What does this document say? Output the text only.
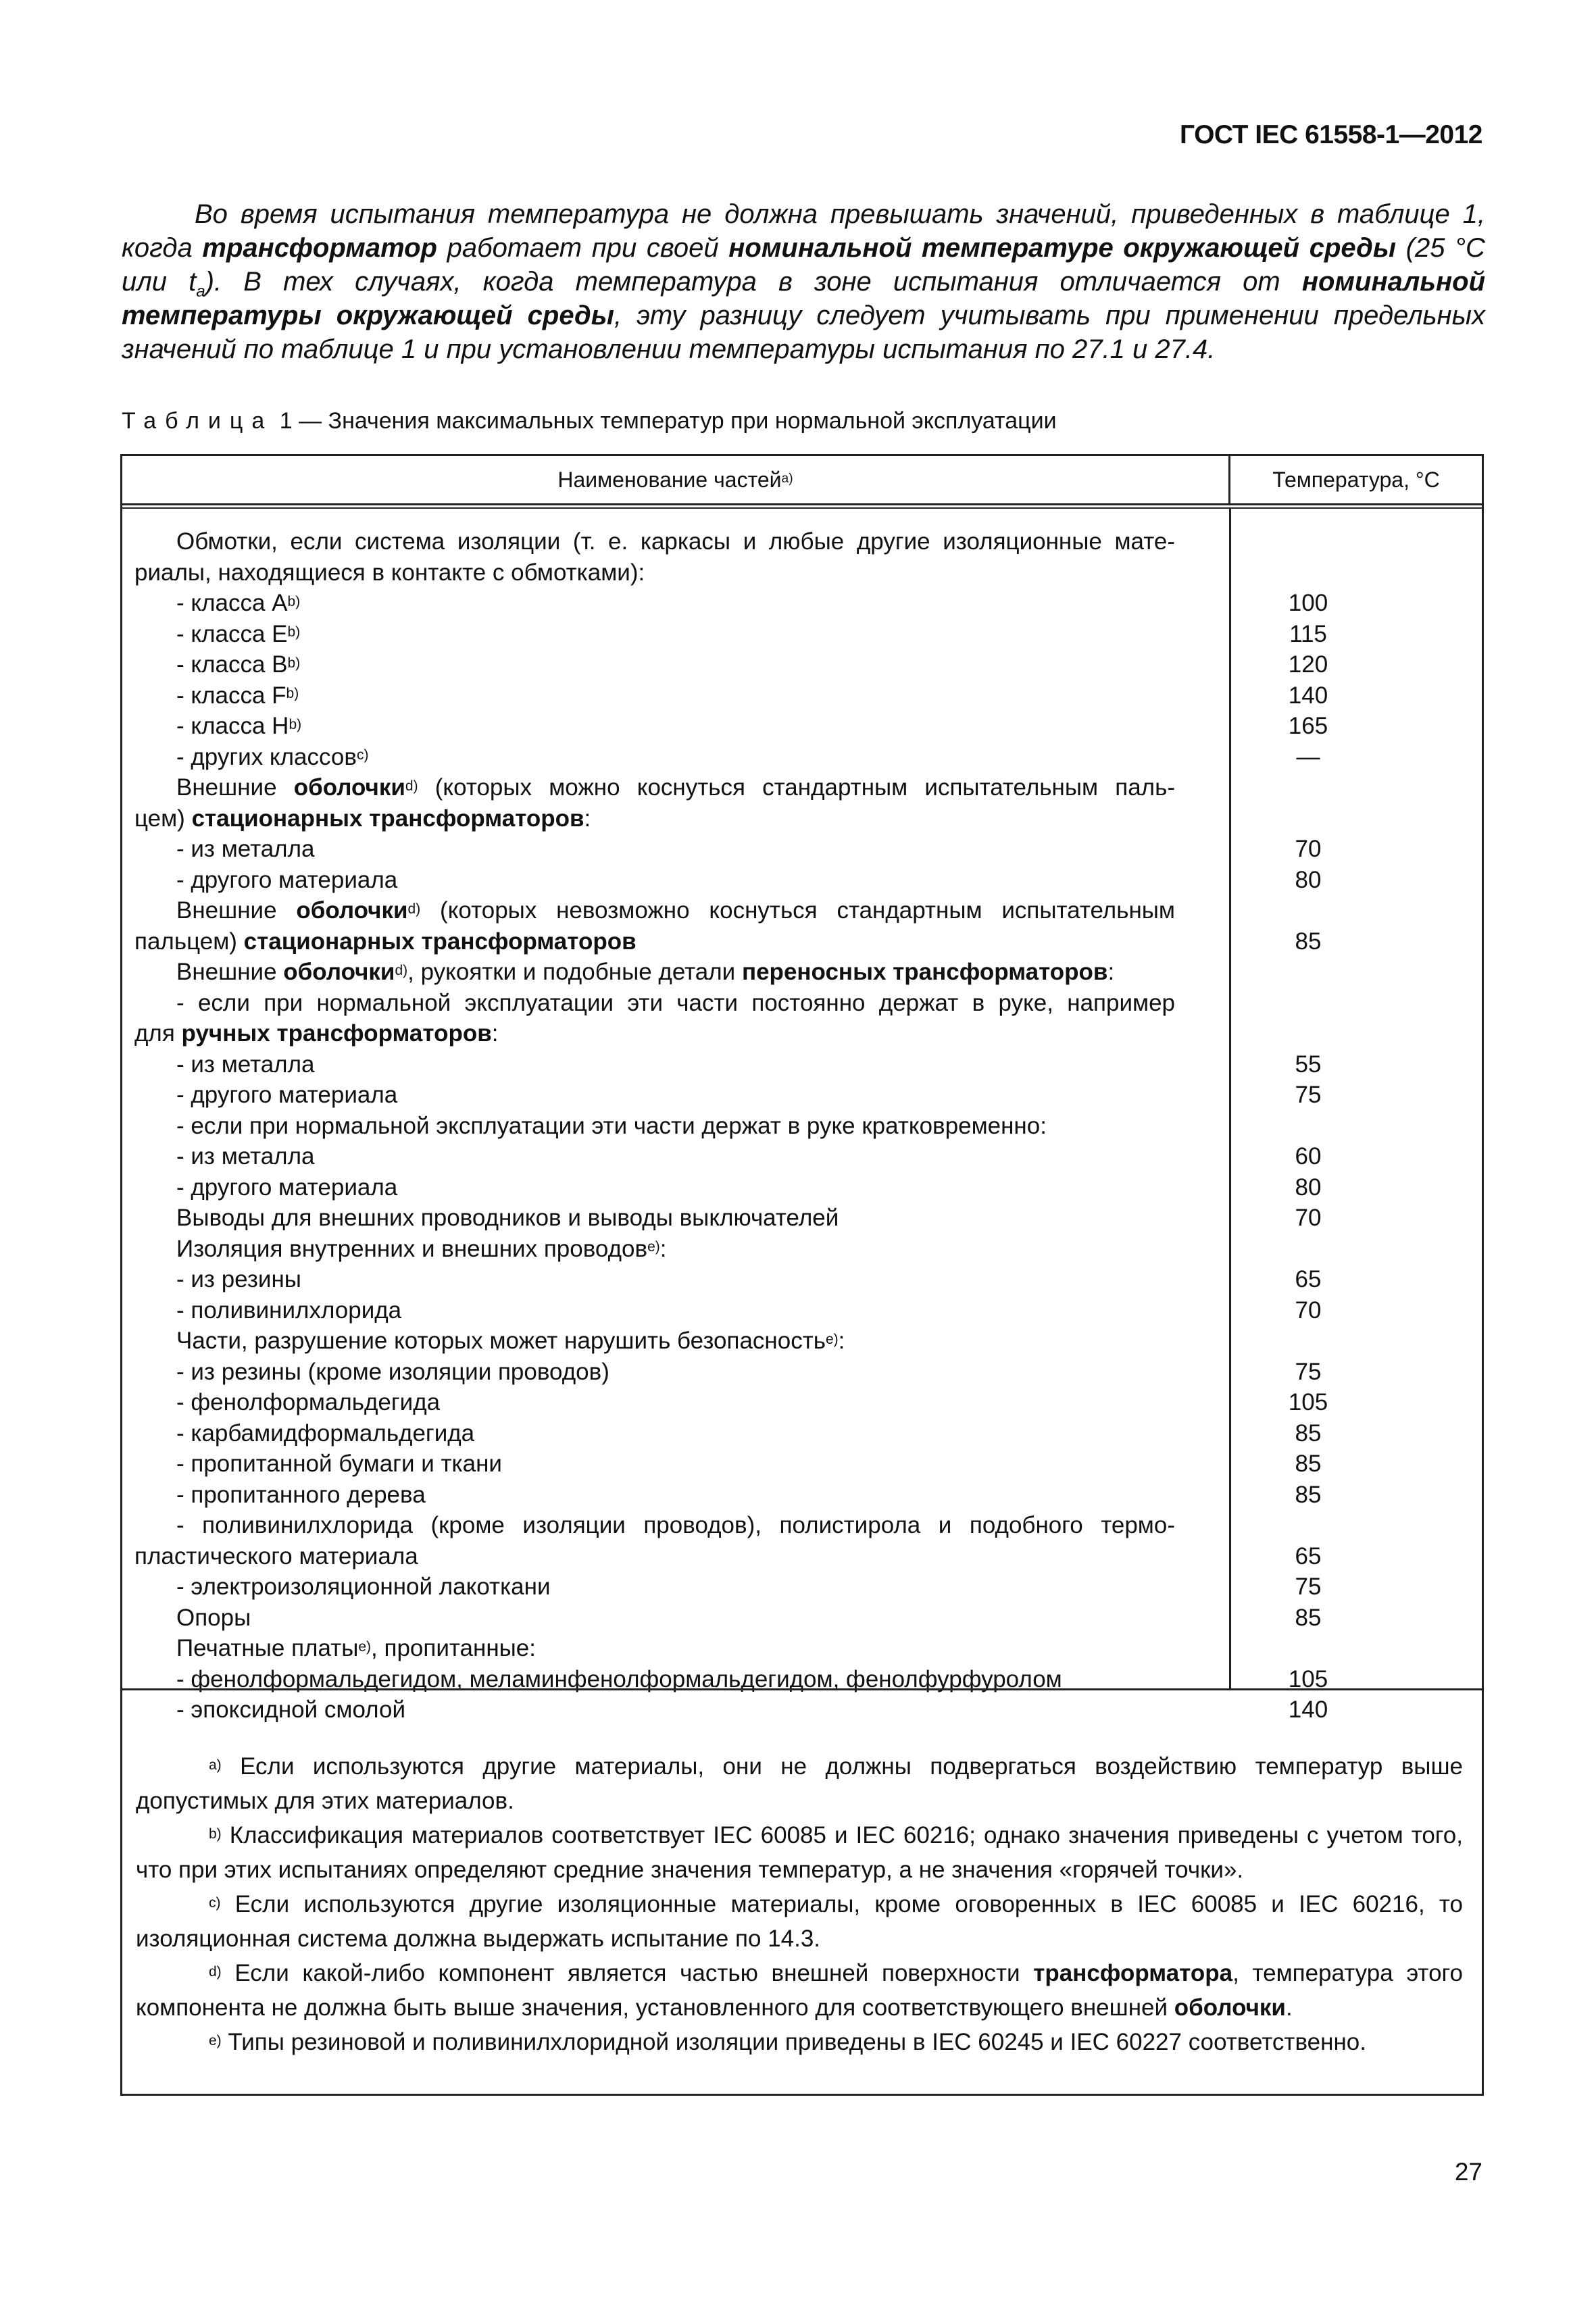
ГОСТ IEC 61558-1—2012

Во время испытания температура не должна превышать значений, приведенных в таблице 1, когда трансформатор работает при своей номинальной температуре окружающей среды (25 °С или $t_a$). В тех случаях, когда температура в зоне испытания отличается от номинальной температуры окружающей среды, эту разницу следует учитывать при применении предельных значений по таблице 1 и при установлении температуры испытания по 27.1 и 27.4.

Таблица 1 — Значения максимальных температур при нормальной эксплуатации
Наименование частей$^{a)}$	Температура, °С
Обмотки, если система изоляции (т. е. каркасы и любые другие изоляционные мате-
риалы, находящиеся в контакте с обмотками):
- класса $A^{b)}$	100
- класса $E^{b)}$	115
- класса $B^{b)}$	120
- класса $F^{b)}$	140
- класса $H^{b)}$	165
- других классов$^{c)}$	—
Внешние оболочки$^{d)}$ (которых можно коснуться стандартным испытательным паль-
цем) стационарных трансформаторов:
- из металла	70
- другого материала	80
Внешние оболочки$^{d)}$ (которых невозможно коснуться стандартным испытательным
пальцем) стационарных трансформаторов	85
Внешние оболочки$^{d)}$, рукоятки и подобные детали переносных трансформаторов:
- если при нормальной эксплуатации эти части постоянно держат в руке, например
для ручных трансформаторов:
- из металла	55
- другого материала	75
- если при нормальной эксплуатации эти части держат в руке кратковременно:
- из металла	60
- другого материала	80
Выводы для внешних проводников и выводы выключателей	70
Изоляция внутренних и внешних проводов$^{e)}$:
- из резины	65
- поливинилхлорида	70
Части, разрушение которых может нарушить безопасность$^{e)}$:
- из резины (кроме изоляции проводов)	75
- фенолформальдегида	105
- карбамидформальдегида	85
- пропитанной бумаги и ткани	85
- пропитанного дерева	85
- поливинилхлорида (кроме изоляции проводов), полистирола и подобного термо-
пластического материала	65
- электроизоляционной лакоткани	75
Опоры	85
Печатные платы$^{e)}$, пропитанные:
- фенолформальдегидом, меламинфенолформальдегидом, фенолфурфуролом	105
- эпоксидной смолой	140

$^{a)}$ Если используются другие материалы, они не должны подвергаться воздействию температур выше допустимых для этих материалов.

$^{b)}$ Классификация материалов соответствует IEC 60085 и IEC 60216; однако значения приведены с учетом того, что при этих испытаниях определяют средние значения температур, а не значения «горячей точки».

$^{c)}$ Если используются другие изоляционные материалы, кроме оговоренных в IEC 60085 и IEC 60216, то изоляционная система должна выдержать испытание по 14.3.

$^{d)}$ Если какой-либо компонент является частью внешней поверхности трансформатора, температура этого компонента не должна быть выше значения, установленного для соответствующего внешней оболочки.

$^{e)}$ Типы резиновой и поливинилхлоридной изоляции приведены в IEC 60245 и IEC 60227 соответственно.

27
